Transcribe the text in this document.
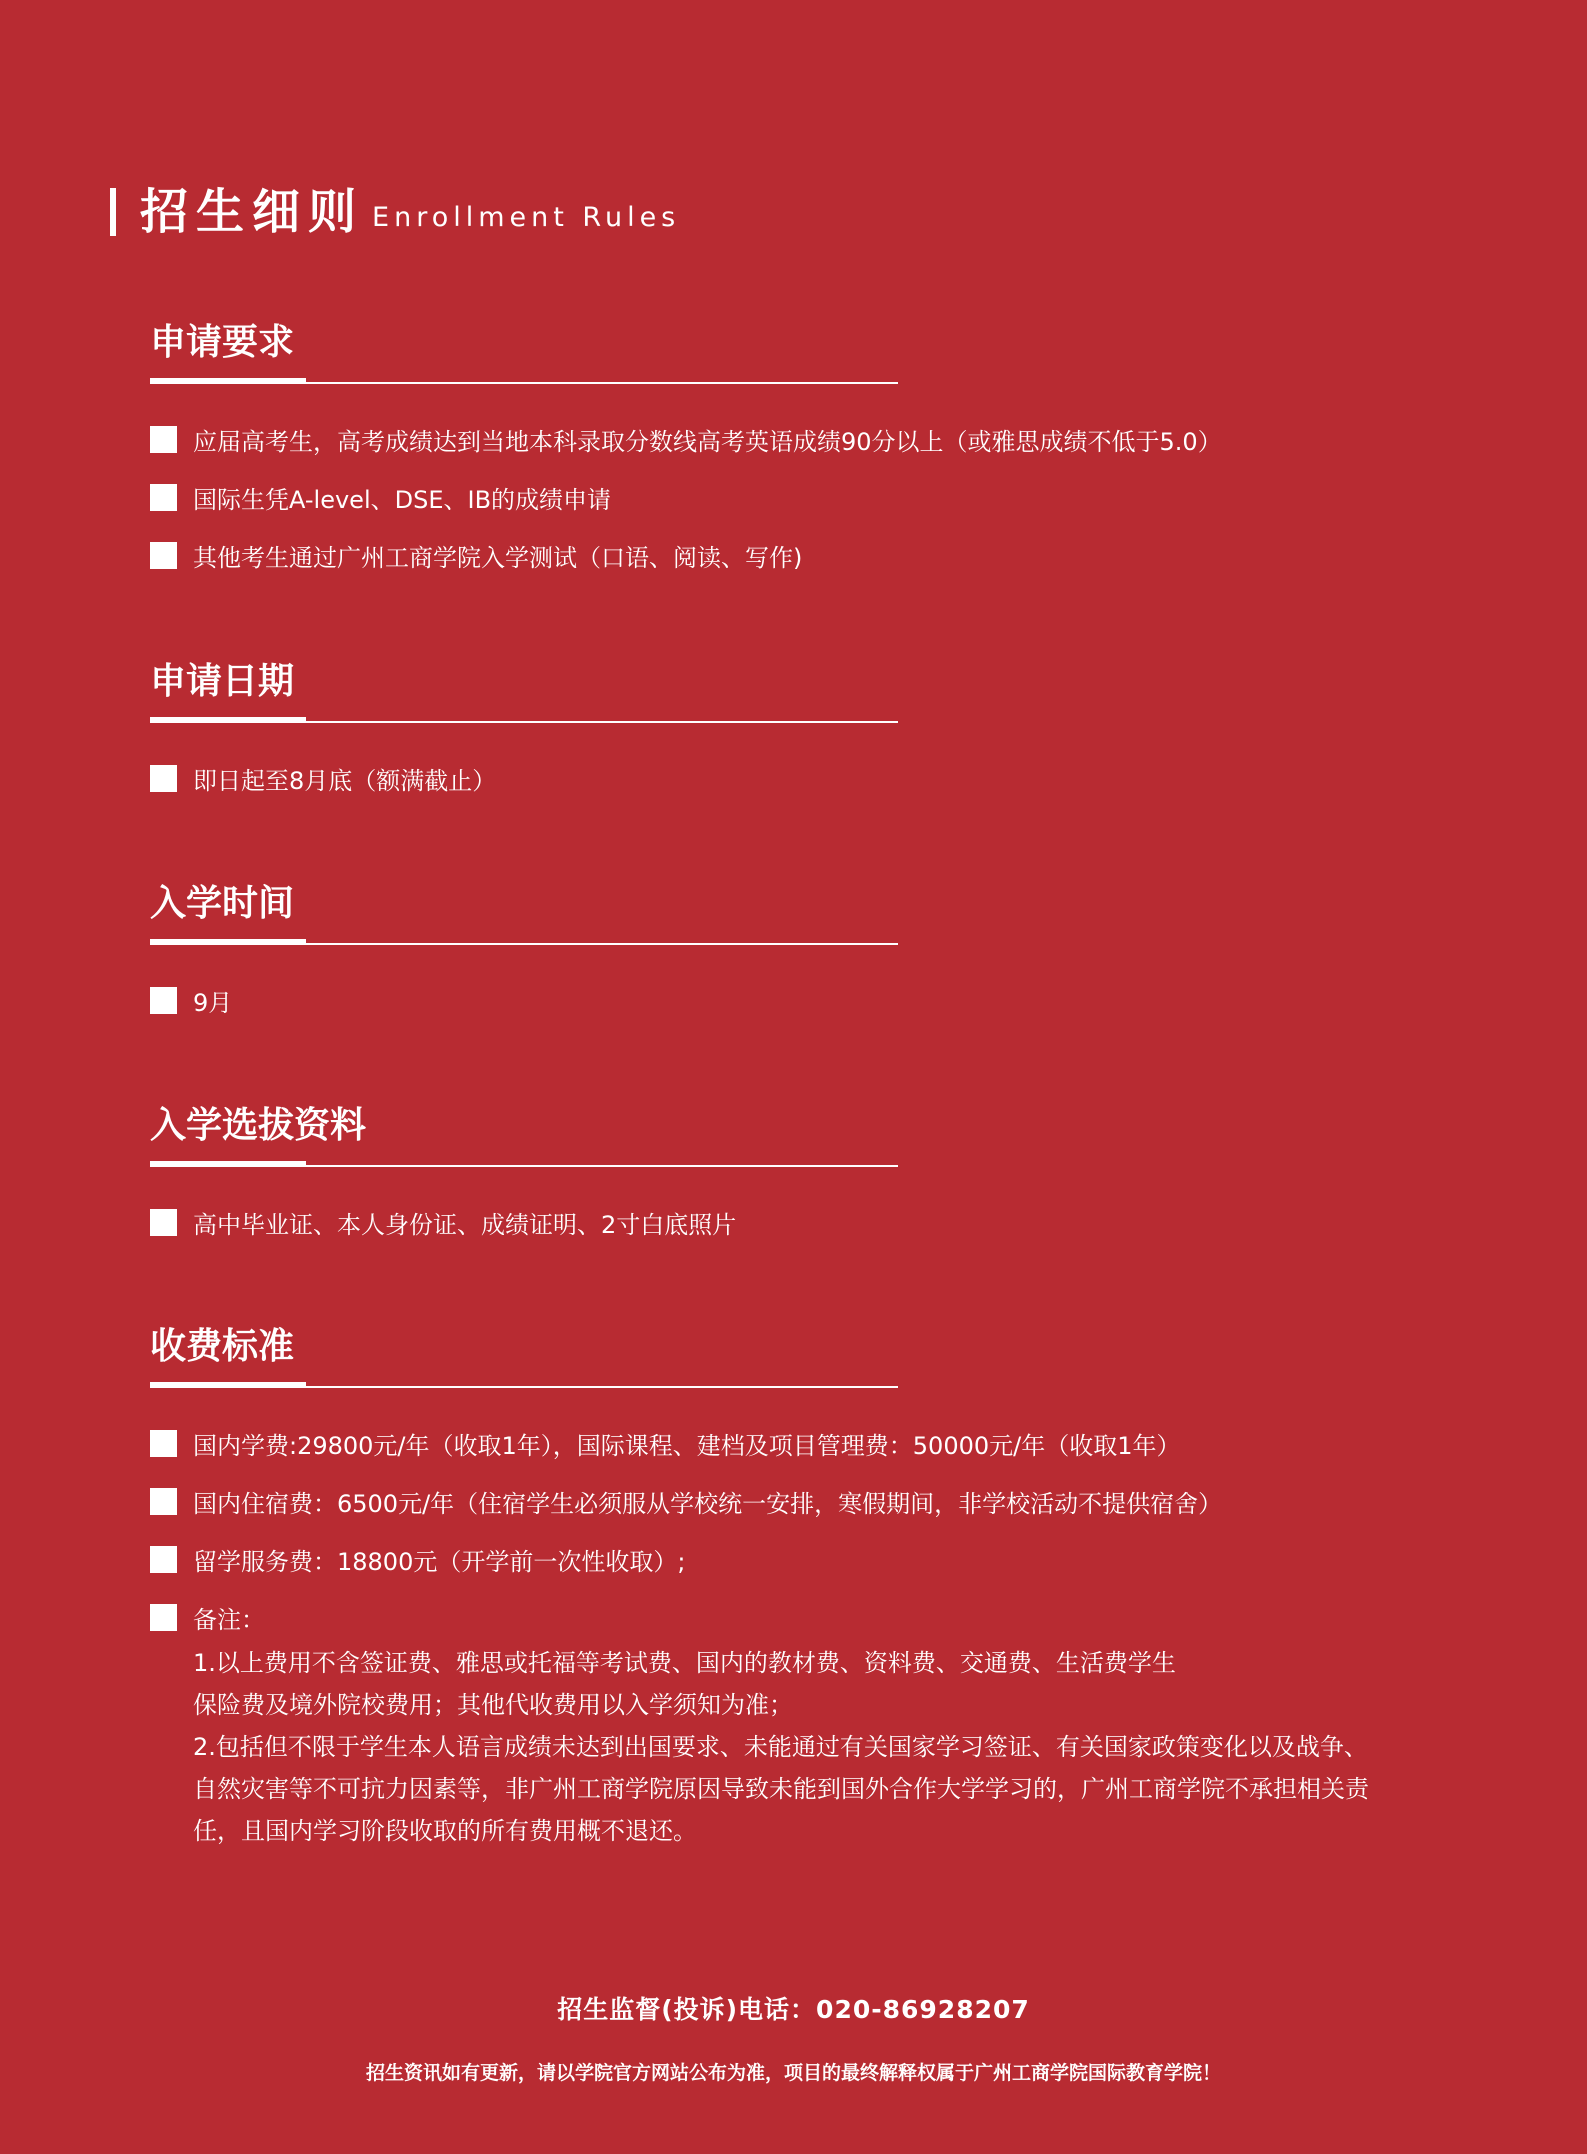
招生细则 Enrollment Rules
申请要求
应届高考生，高考成绩达到当地本科录取分数线高考英语成绩90分以上（或雅思成绩不低于5.0）
国际生凭A-level、DSE、IB的成绩申请
其他考生通过广州工商学院入学测试（口语、阅读、写作)
申请日期
即日起至8月底（额满截止）
入学时间
9月
入学选拔资料
高中毕业证、本人身份证、成绩证明、2寸白底照片
收费标准
国内学费:29800元/年（收取1年），国际课程、建档及项目管理费：50000元/年（收取1年）
国内住宿费：6500元/年（住宿学生必须服从学校统一安排，寒假期间，非学校活动不提供宿舍）
留学服务费：18800元（开学前一次性收取）;
备注：
1.以上费用不含签证费、雅思或托福等考试费、国内的教材费、资料费、交通费、生活费学生
保险费及境外院校费用；其他代收费用以入学须知为准；
2.包括但不限于学生本人语言成绩未达到出国要求、未能通过有关国家学习签证、有关国家政策变化以及战争、
自然灾害等不可抗力因素等，非广州工商学院原因导致未能到国外合作大学学习的，广州工商学院不承担相关责
任，且国内学习阶段收取的所有费用概不退还。
招生监督(投诉)电话：020-86928207
招生资讯如有更新，请以学院官方网站公布为准，项目的最终解释权属于广州工商学院国际教育学院！
